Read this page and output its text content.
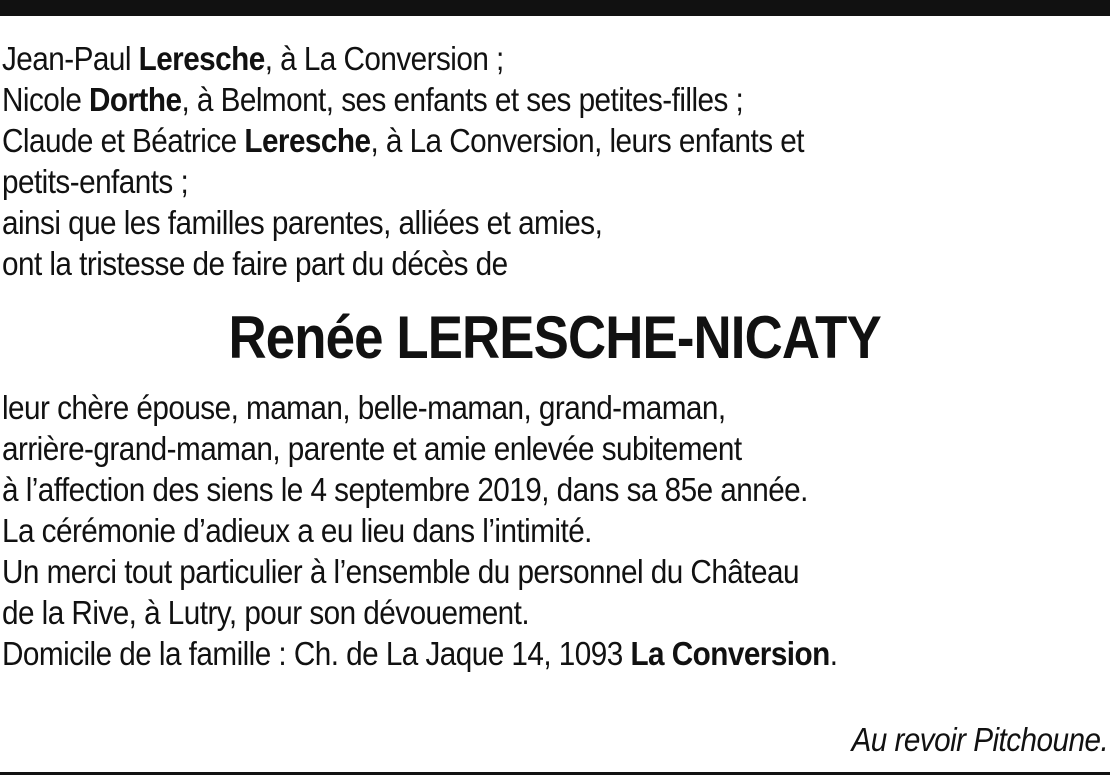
Jean-Paul Leresche, à La Conversion ;
Nicole Dorthe, à Belmont, ses enfants et ses petites-filles ;
Claude et Béatrice Leresche, à La Conversion, leurs enfants et
petits-enfants ;
ainsi que les familles parentes, alliées et amies,
ont la tristesse de faire part du décès de
Renée LERESCHE-NICATY
leur chère épouse, maman, belle-maman, grand-maman,
arrière-grand-maman, parente et amie enlevée subitement
à l’affection des siens le 4 septembre 2019, dans sa 85e année.
La cérémonie d’adieux a eu lieu dans l’intimité.
Un merci tout particulier à l’ensemble du personnel du Château
de la Rive, à Lutry, pour son dévouement.
Domicile de la famille : Ch. de La Jaque 14, 1093 La Conversion.
Au revoir Pitchoune.
